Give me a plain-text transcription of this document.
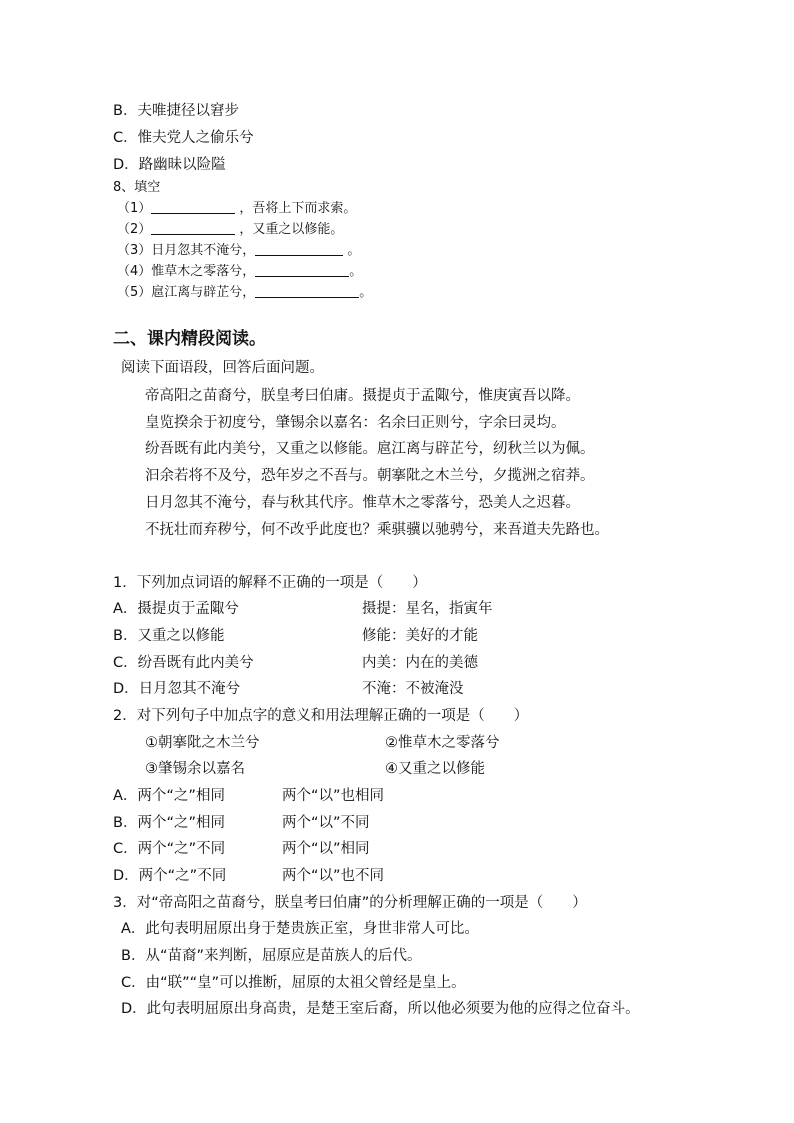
B．夫唯捷径以窘步
C．惟夫党人之偷乐兮
D．路幽昧以险隘
8、填空
（1）	，吾将上下而求索。
（2）	，又重之以修能。
（3）日月忽其不淹兮，	。
（4）惟草木之零落兮，	。
（5）扈江离与辟芷兮，	。
二、课内精段阅读。
阅读下面语段，回答后面问题。
帝高阳之苗裔兮，朕皇考曰伯庸。摄提贞于孟陬兮，惟庚寅吾以降。
皇览揆余于初度兮，肇锡余以嘉名：名余曰正则兮，字余曰灵均。
纷吾既有此内美兮，又重之以修能。扈江离与辟芷兮，纫秋兰以为佩。
汩余若将不及兮，恐年岁之不吾与。朝搴阰之木兰兮，夕揽洲之宿莽。
日月忽其不淹兮，春与秋其代序。惟草木之零落兮，恐美人之迟暮。
不抚壮而弃秽兮，何不改乎此度也？乘骐骥以驰骋兮，来吾道夫先路也。
1．下列加点词语的解释不正确的一项是（　　）
A．摄提贞于孟陬兮	摄提：星名，指寅年
B．又重之以修能	修能：美好的才能
C．纷吾既有此内美兮	内美：内在的美德
D．日月忽其不淹兮	不淹：不被淹没
2．对下列句子中加点字的意义和用法理解正确的一项是（　　）
①朝搴阰之木兰兮	②惟草木之零落兮
③肇锡余以嘉名	④又重之以修能
A．两个“之”相同	两个“以”也相同
B．两个“之”相同	两个“以”不同
C．两个“之”不同	两个“以”相同
D．两个“之”不同	两个“以”也不同
3．对“帝高阳之苗裔兮，朕皇考曰伯庸”的分析理解正确的一项是（　　）
A．此句表明屈原出身于楚贵族正室，身世非常人可比。
B．从“苗裔”来判断，屈原应是苗族人的后代。
C．由“联”“皇”可以推断，屈原的太祖父曾经是皇上。
D．此句表明屈原出身高贵，是楚王室后裔，所以他必须要为他的应得之位奋斗。
